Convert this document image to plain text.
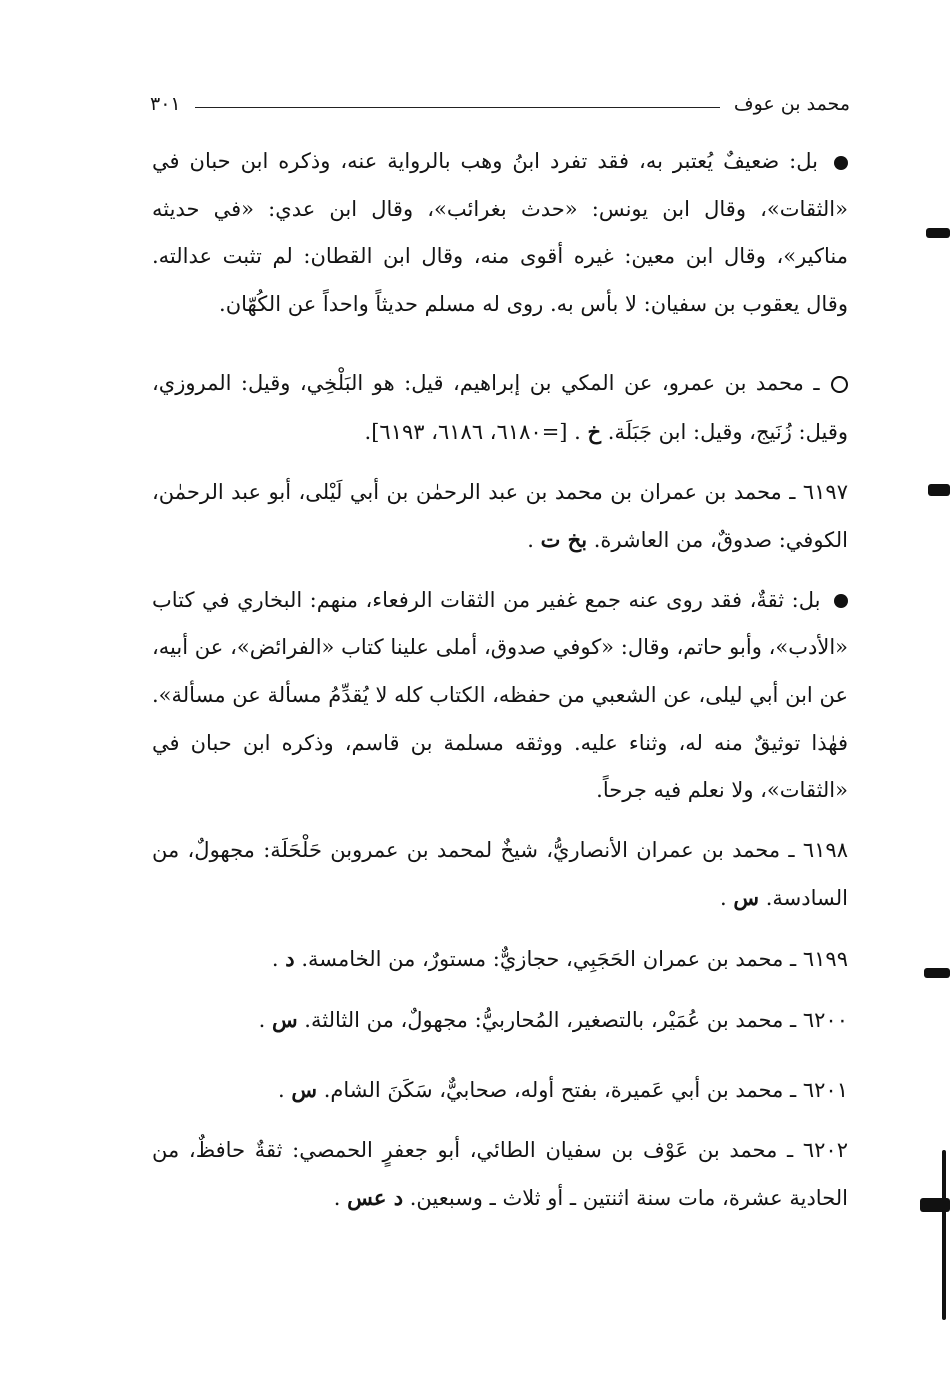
محمد بن عوف
٣٠١

بل: ضعيفٌ يُعتبر به، فقد تفرد ابنُ وهب بالرواية عنه، وذكره ابن حبان في «الثقات»، وقال ابن يونس: «حدث بغرائب»، وقال ابن عدي: «في حديثه مناكير»، وقال ابن معين: غيره أقوى منه، وقال ابن القطان: لم تثبت عدالته. وقال يعقوب بن سفيان: لا بأس به. روى له مسلم حديثاً واحداً عن الكُهّان.

ـ محمد بن عمرو، عن المكي بن إبراهيم، قيل: هو البَلْخِي، وقيل: المروزي، وقيل: زُنَيج، وقيل: ابن جَبَلَة. خ . [=٦١٨٠، ٦١٨٦، ٦١٩٣].

٦١٩٧ ـ محمد بن عمران بن محمد بن عبد الرحمٰن بن أبي لَيْلى، أبو عبد الرحمٰن، الكوفي: صدوقٌ، من العاشرة. بخ ت .

بل: ثقةٌ، فقد روى عنه جمع غفير من الثقات الرفعاء، منهم: البخاري في كتاب «الأدب»، وأبو حاتم، وقال: «كوفي صدوق، أملى علينا كتاب «الفرائض»، عن أبيه، عن ابن أبي ليلى، عن الشعبي من حفظه، الكتاب كله لا يُقدِّمُ مسألة عن مسألة». فهٰذا توثيقٌ منه له، وثناء عليه. ووثقه مسلمة بن قاسم، وذكره ابن حبان في «الثقات»، ولا نعلم فيه جرحاً.

٦١٩٨ ـ محمد بن عمران الأنصاريُّ، شيخٌ لمحمد بن عمروبن حَلْحَلَة: مجهولٌ، من السادسة. س .

٦١٩٩ ـ محمد بن عمران الحَجَبِي، حجازيٌّ: مستورٌ، من الخامسة. د .

٦٢٠٠ ـ محمد بن عُمَيْر، بالتصغير، المُحاربيُّ: مجهولٌ، من الثالثة. س .

٦٢٠١ ـ محمد بن أبي عَميرة، بفتح أوله، صحابيٌّ، سَكَنَ الشام. س .

٦٢٠٢ ـ محمد بن عَوْف بن سفيان الطائي، أبو جعفرٍ الحمصي: ثقةٌ حافظٌ، من الحادية عشرة، مات سنة اثنتين ـ أو ثلاث ـ وسبعين. د عس .
